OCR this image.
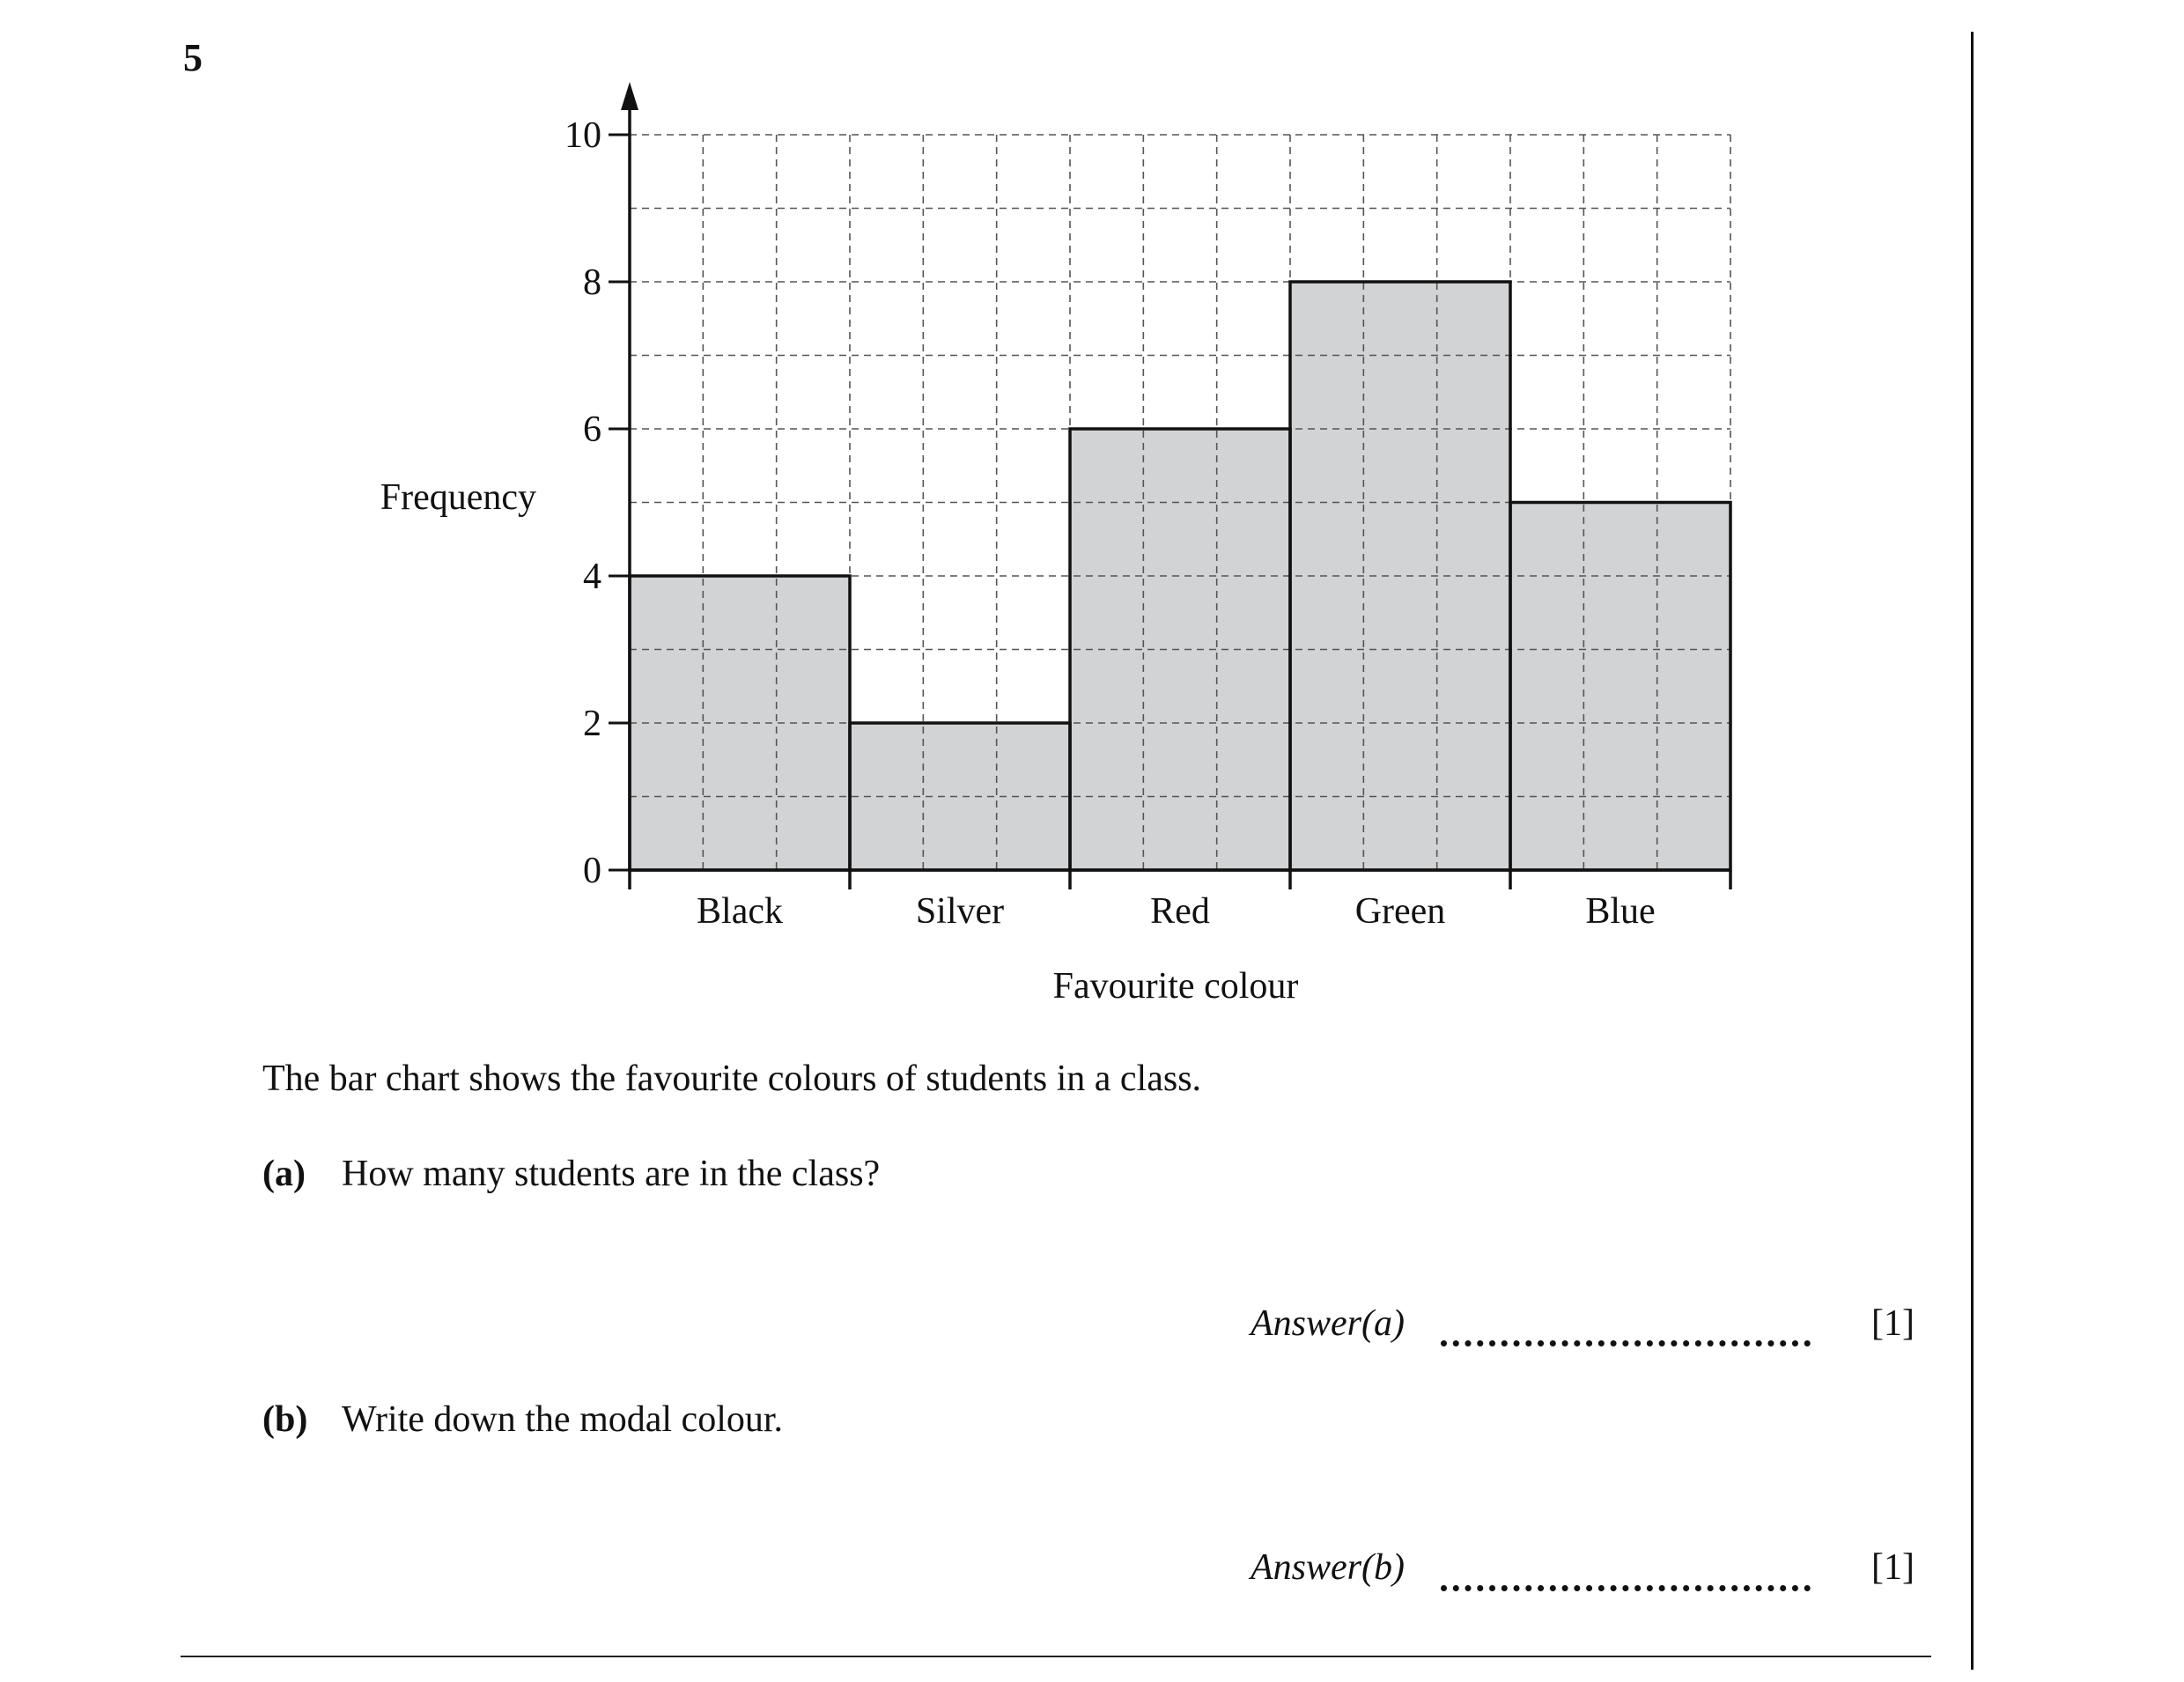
5
0
2
4
6
8
10
Black	Silver	Red	Green	Blue
Frequency
Favourite colour
The bar chart shows the favourite colours of students in a class.
(a) How many students are in the class?
Answer(a)	[1]
(b) Write down the modal colour.
Answer(b)	[1]
